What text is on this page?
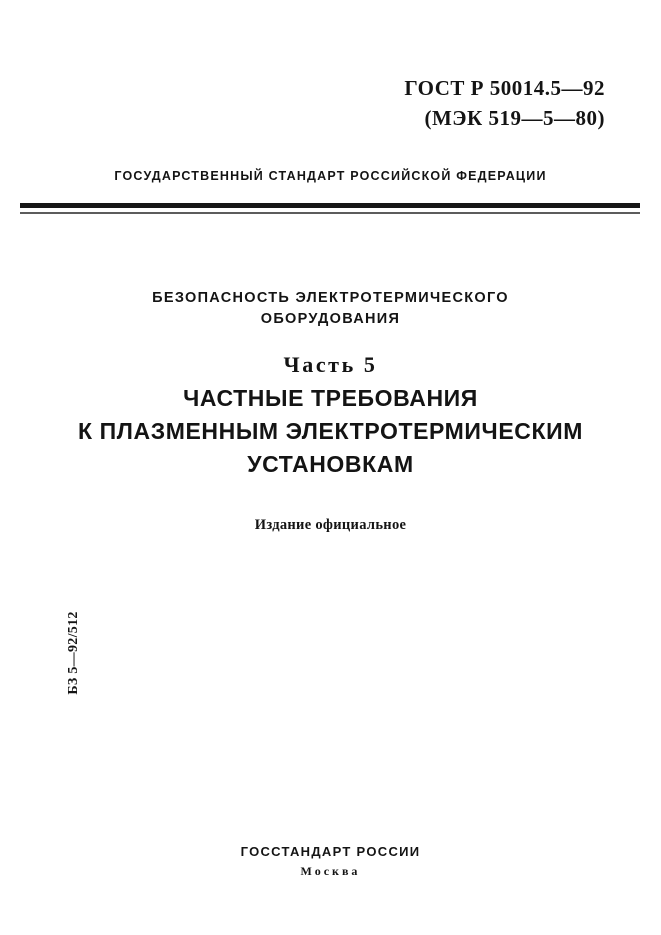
ГОСТ Р 50014.5—92
(МЭК 519—5—80)
ГОСУДАРСТВЕННЫЙ СТАНДАРТ РОССИЙСКОЙ ФЕДЕРАЦИИ
БЕЗОПАСНОСТЬ ЭЛЕКТРОТЕРМИЧЕСКОГО
ОБОРУДОВАНИЯ
Часть 5
ЧАСТНЫЕ ТРЕБОВАНИЯ
К ПЛАЗМЕННЫМ ЭЛЕКТРОТЕРМИЧЕСКИМ
УСТАНОВКАМ
Издание официальное
БЗ 5—92/512
ГОССТАНДАРТ РОССИИ
Москва
